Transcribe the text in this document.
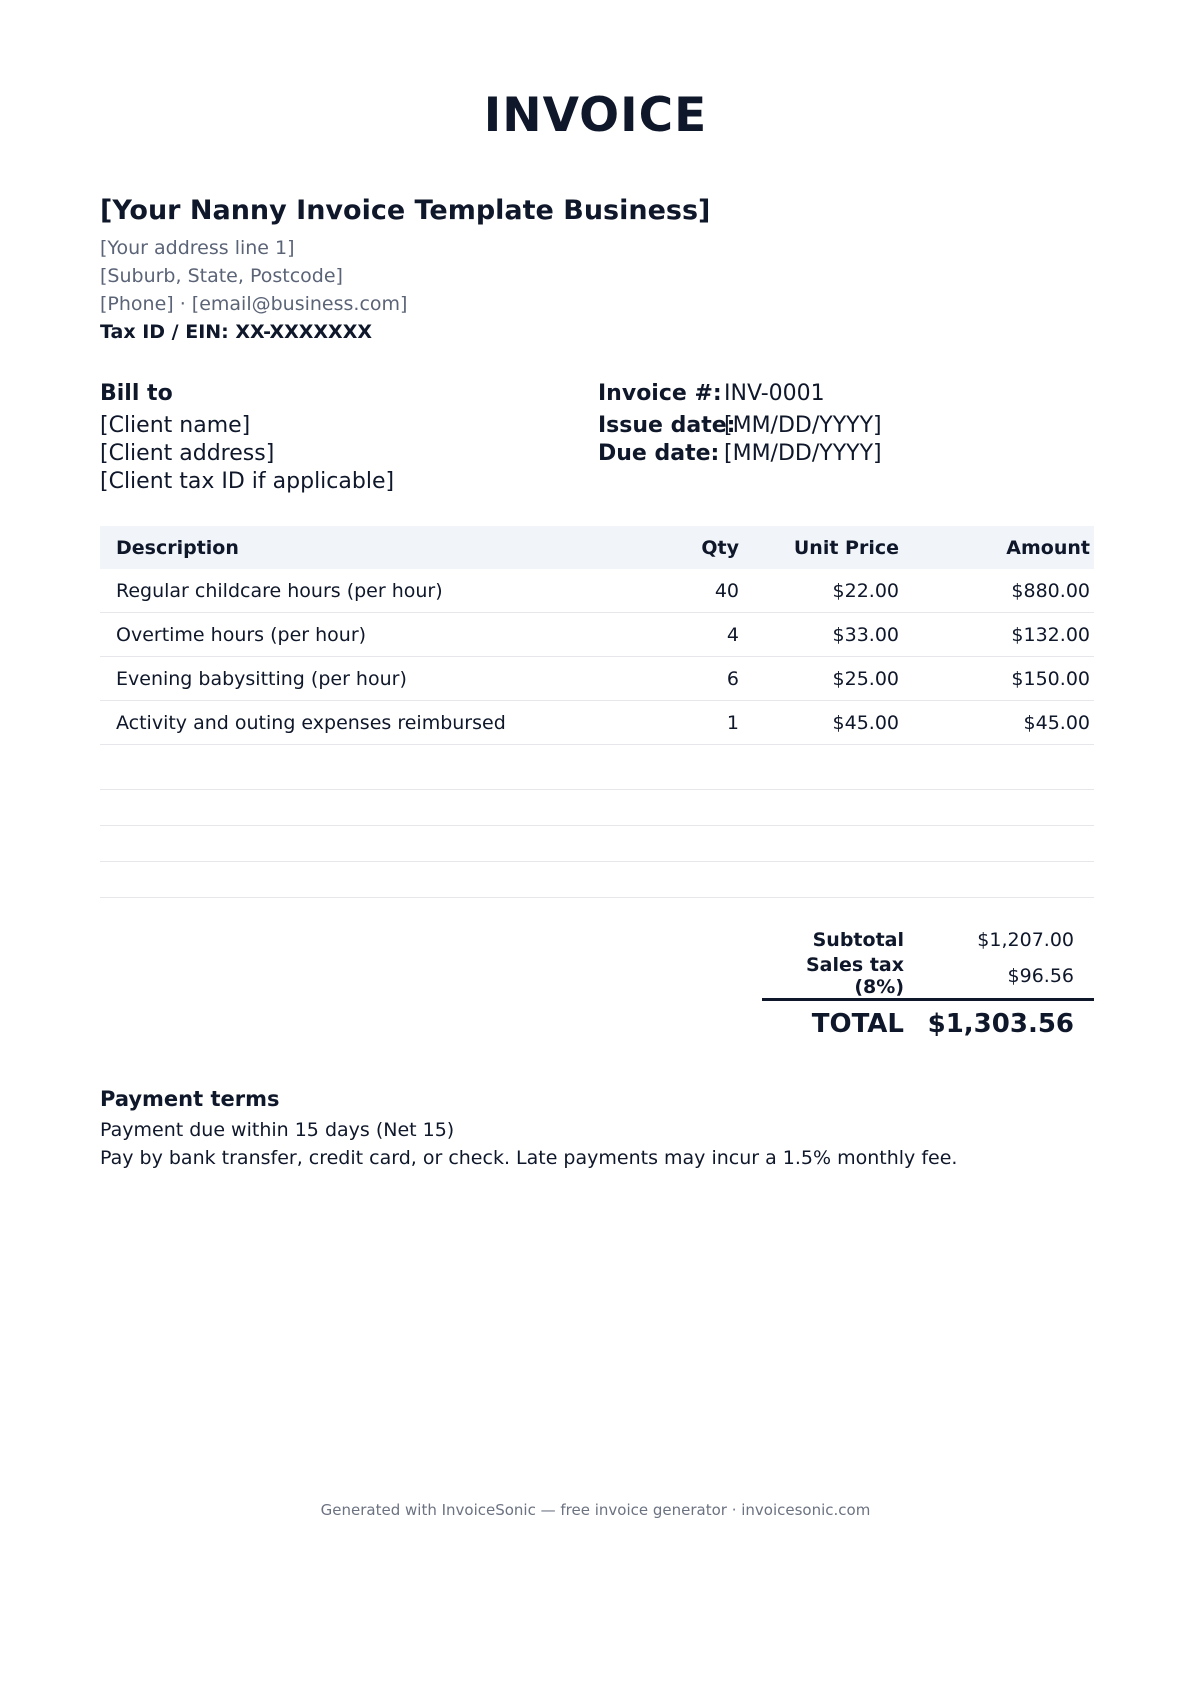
INVOICE
[Your Nanny Invoice Template Business]
[Your address line 1]
[Suburb, State, Postcode]
[Phone] · [email@business.com]
Tax ID / EIN: XX-XXXXXXX
Bill to
[Client name]
[Client address]
[Client tax ID if applicable]
Invoice #: INV-0001
Issue date:
[MM/DD/YYYY]
Due date: [MM/DD/YYYY]
Description	Qty	Unit Price	Amount
Regular childcare hours (per hour)	40	$22.00	$880.00
Overtime hours (per hour)	4	$33.00	$132.00
Evening babysitting (per hour)	6	$25.00	$150.00
Activity and outing expenses reimbursed	1	$45.00	$45.00
Subtotal	$1,207.00
Sales tax (8%)	$96.56
TOTAL $1,303.56
Payment terms
Payment due within 15 days (Net 15)
Pay by bank transfer, credit card, or check. Late payments may incur a 1.5% monthly fee.
Generated with InvoiceSonic — free invoice generator · invoicesonic.com
